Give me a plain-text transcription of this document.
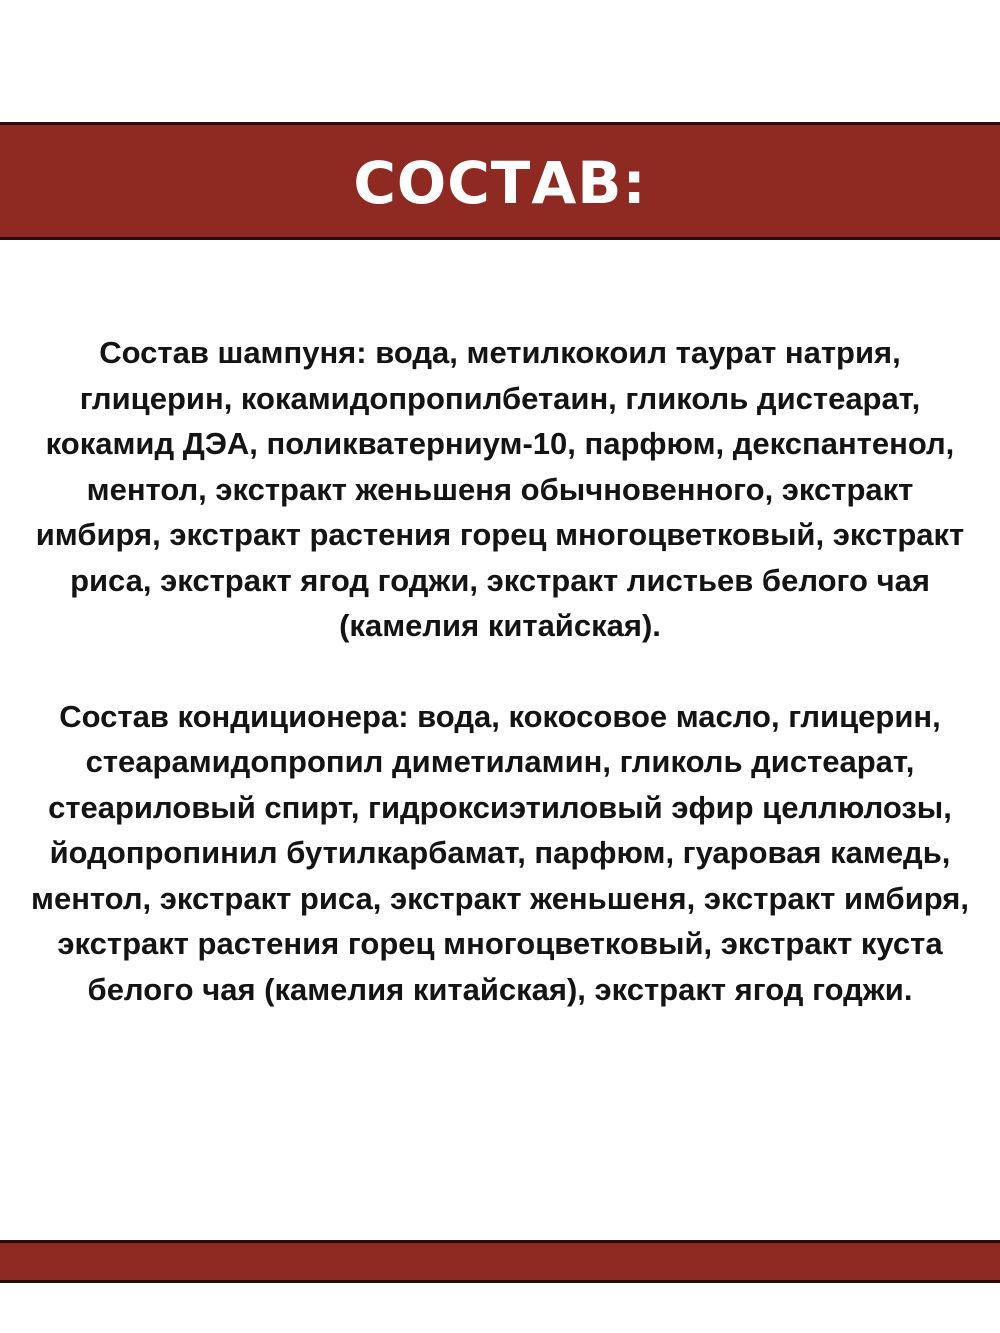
СОСТАВ:

Состав шампуня: вода, метилкокоил таурат натрия, глицерин, кокамидопропилбетаин, гликоль дистеарат, кокамид ДЭА, поликватерниум-10, парфюм, декспантенол, ментол, экстракт женьшеня обычновенного, экстракт имбиря, экстракт растения горец многоцветковый, экстракт риса, экстракт ягод годжи, экстракт листьев белого чая (камелия китайская).

Состав кондиционера: вода, кокосовое масло, глицерин, стеарамидопропил диметиламин, гликоль дистеарат, стеариловый спирт, гидроксиэтиловый эфир целлюлозы, йодопропинил бутилкарбамат, парфюм, гуаровая камедь, ментол, экстракт риса, экстракт женьшеня, экстракт имбиря, экстракт растения горец многоцветковый, экстракт куста белого чая (камелия китайская), экстракт ягод годжи.
